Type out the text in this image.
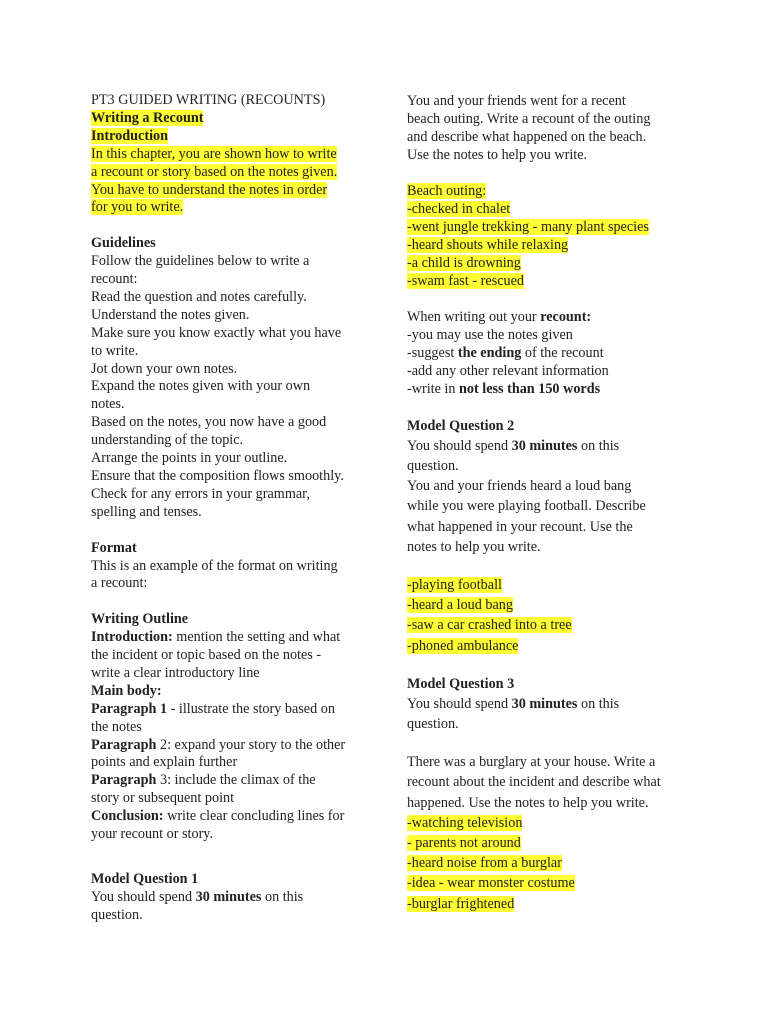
PT3 GUIDED WRITING (RECOUNTS)
Writing a Recount
Introduction
In this chapter, you are shown how to write
a recount or story based on the notes given.
You have to understand the notes in order
for you to write.
Guidelines
Follow the guidelines below to write a
recount:
Read the question and notes carefully.
Understand the notes given.
Make sure you know exactly what you have
to write.
Jot down your own notes.
Expand the notes given with your own
notes.
Based on the notes, you now have a good
understanding of the topic.
Arrange the points in your outline.
Ensure that the composition flows smoothly.
Check for any errors in your grammar,
spelling and tenses.
Format
This is an example of the format on writing
a recount:
Writing Outline
Introduction: mention the setting and what
the incident or topic based on the notes -
write a clear introductory line
Main body:
Paragraph 1 - illustrate the story based on
the notes
Paragraph 2: expand your story to the other
points and explain further
Paragraph 3: include the climax of the
story or subsequent point
Conclusion: write clear concluding lines for
your recount or story.
Model Question 1
You should spend 30 minutes on this
question.
You and your friends went for a recent
beach outing. Write a recount of the outing
and describe what happened on the beach.
Use the notes to help you write.
Beach outing:
-checked in chalet
-went jungle trekking - many plant species
-heard shouts while relaxing
-a child is drowning
-swam fast - rescued
When writing out your recount:
-you may use the notes given
-suggest the ending of the recount
-add any other relevant information
-write in not less than 150 words
Model Question 2
You should spend 30 minutes on this
question.
You and your friends heard a loud bang
while you were playing football. Describe
what happened in your recount. Use the
notes to help you write.
-playing football
-heard a loud bang
-saw a car crashed into a tree
-phoned ambulance
Model Question 3
You should spend 30 minutes on this
question.
There was a burglary at your house. Write a
recount about the incident and describe what
happened. Use the notes to help you write.
-watching television
- parents not around
-heard noise from a burglar
-idea - wear monster costume
-burglar frightened
